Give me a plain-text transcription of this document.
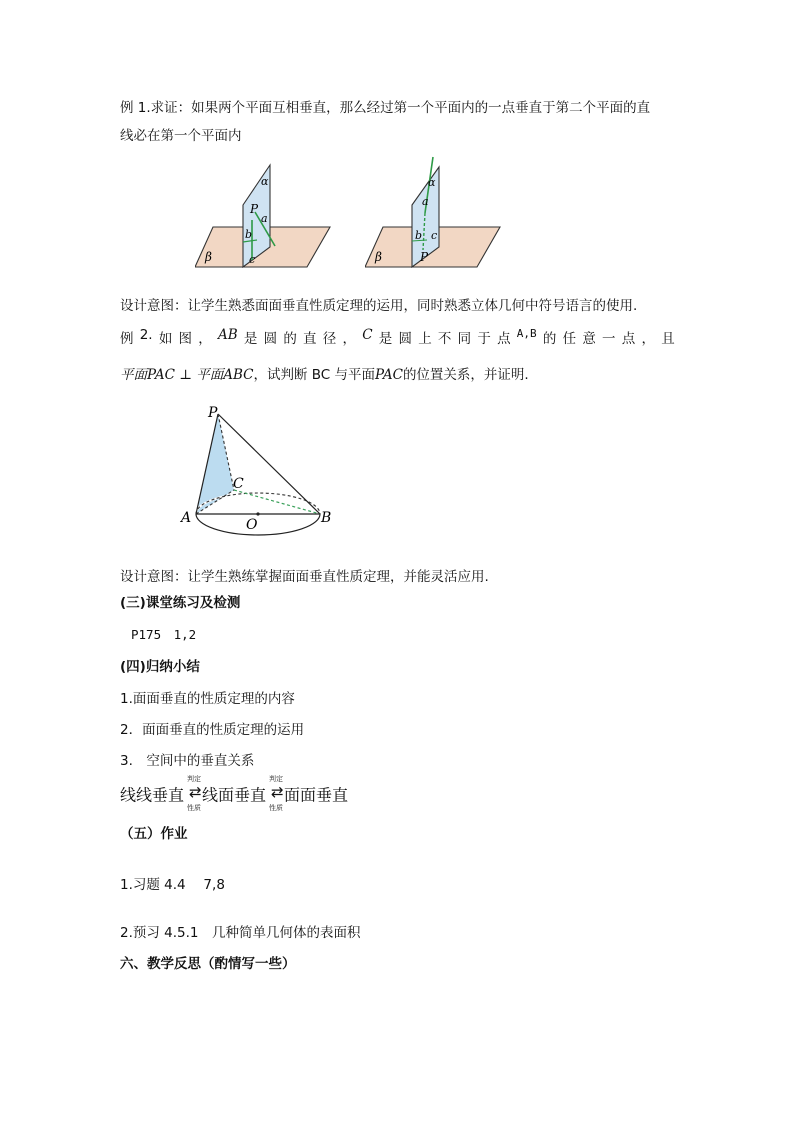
例 1.求证：如果两个平面互相垂直，那么经过第一个平面内的一点垂直于第二个平面的直
线必在第一个平面内
α
P
a
b
c
β
α
a
b c
P
β
设计意图：让学生熟悉面面垂直性质定理的运用，同时熟悉立体几何中符号语言的使用.
例 2. 如 图 ， AB 是 圆 的 直 径 ， C 是 圆 上 不 同 于 点 A,B 的 任 意 一 点 ， 且
平面PAC ⊥ 平面ABC，试判断 BC 与平面PAC的位置关系，并证明.
P
C
A	O	B
设计意图：让学生熟练掌握面面垂直性质定理，并能灵活应用.
(三)课堂练习及检测
P175　1,2
(四)归纳小结
1.面面垂直的性质定理的内容
2．面面垂直的性质定理的运用
3.　空间中的垂直关系
线线垂直
判定
⇄
性质
线面垂直
判定
⇄
性质
面面垂直
（五）作业
1.习题 4.4　 7,8
2.预习 4.5.1　几种简单几何体的表面积
六、教学反思（酌情写一些）
